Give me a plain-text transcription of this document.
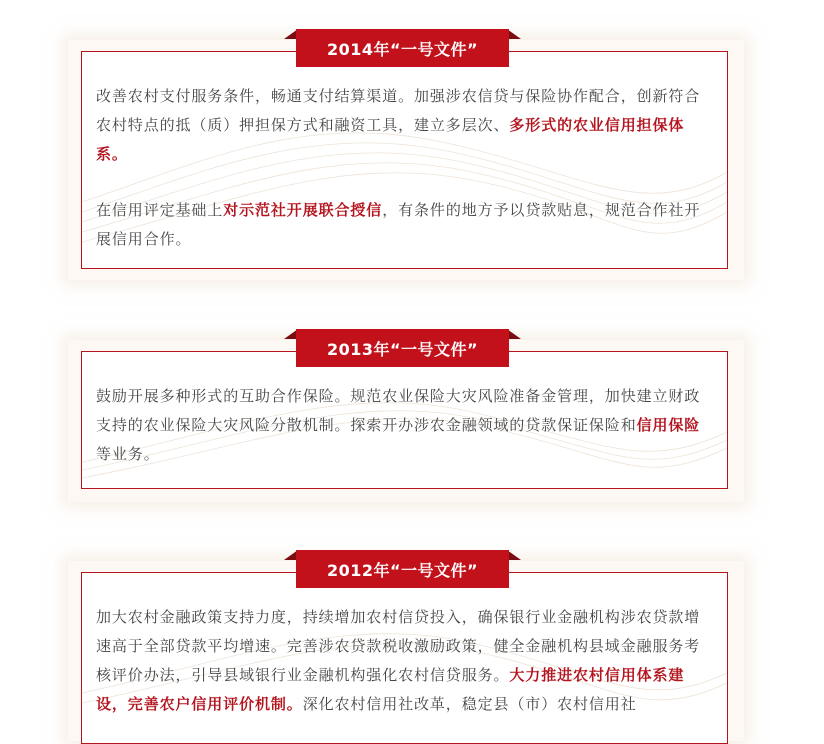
改善农村支付服务条件，畅通支付结算渠道。加强涉农信贷与保险协作配合，创新符合农村特点的抵（质）押担保方式和融资工具，建立多层次、多形式的农业信用担保体系。
在信用评定基础上对示范社开展联合授信，有条件的地方予以贷款贴息，规范合作社开展信用合作。
2014年 “一号文件”
鼓励开展多种形式的互助合作保险。规范农业保险大灾风险准备金管理，加快建立财政支持的农业保险大灾风险分散机制。探索开办涉农金融领域的贷款保证保险和信用保险等业务。
2013年 “一号文件”
加大农村金融政策支持力度，持续增加农村信贷投入，确保银行业金融机构涉农贷款增速高于全部贷款平均增速。完善涉农贷款税收激励政策，健全金融机构县域金融服务考核评价办法，引导县域银行业金融机构强化农村信贷服务。大力推进农村信用体系建设，完善农户信用评价机制。深化农村信用社改革，稳定县（市）农村信用社
2012年 “一号文件”
